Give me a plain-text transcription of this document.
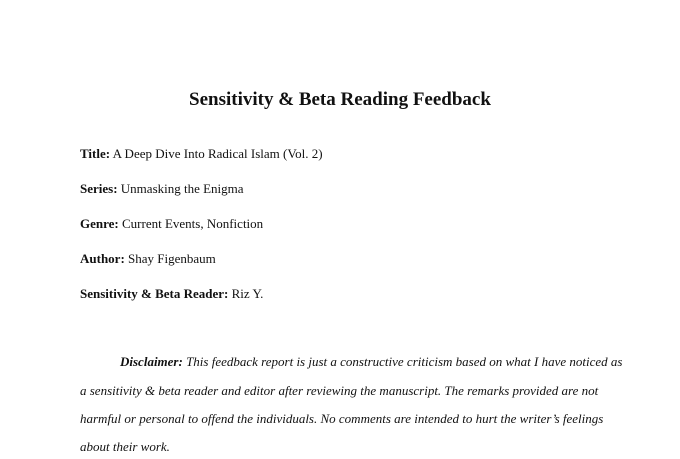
Sensitivity & Beta Reading Feedback
Title: A Deep Dive Into Radical Islam (Vol. 2)
Series: Unmasking the Enigma
Genre: Current Events, Nonfiction
Author: Shay Figenbaum
Sensitivity & Beta Reader: Riz Y.
Disclaimer: This feedback report is just a constructive criticism based on what I have noticed as
a sensitivity & beta reader and editor after reviewing the manuscript. The remarks provided are not
harmful or personal to offend the individuals. No comments are intended to hurt the writer’s feelings
about their work.
